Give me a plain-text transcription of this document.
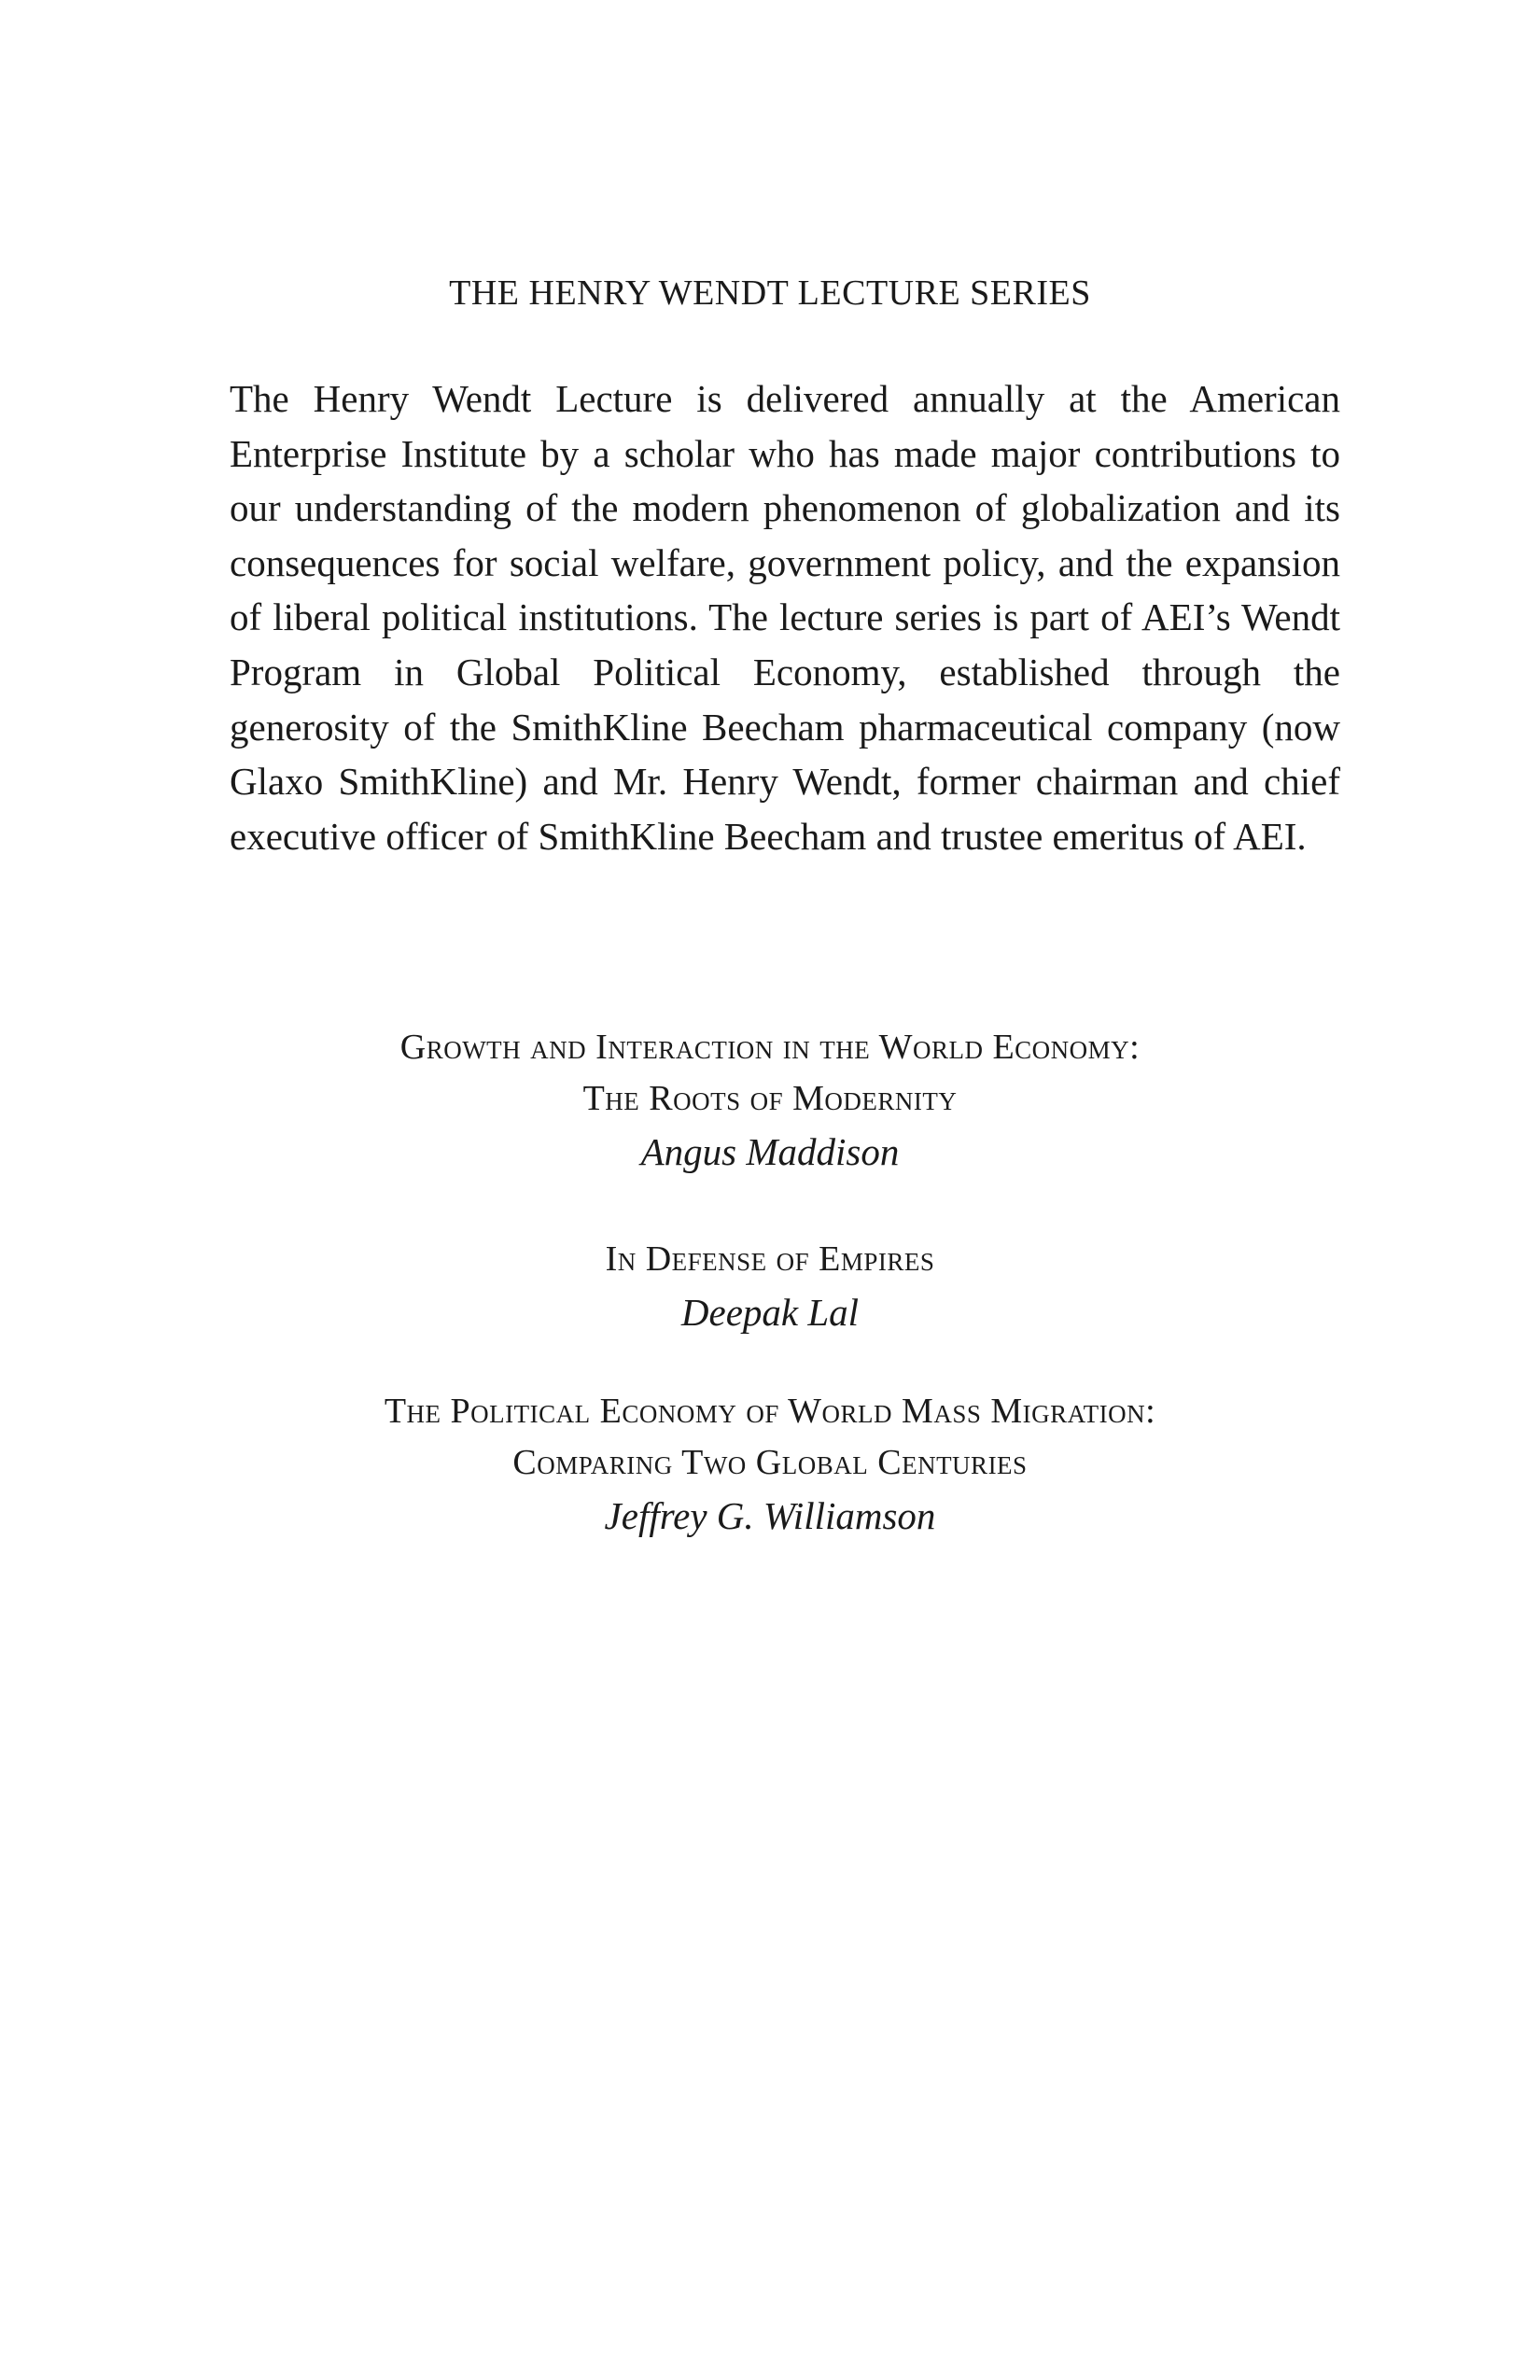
THE HENRY WENDT LECTURE SERIES

The Henry Wendt Lecture is delivered annually at the American Enterprise Institute by a scholar who has made major contributions to our understanding of the modern phenomenon of globalization and its consequences for social welfare, government policy, and the expansion of liberal political institutions. The lecture series is part of AEI’s Wendt Program in Global Political Economy, established through the generosity of the SmithKline Beecham pharmaceutical company (now Glaxo SmithKline) and Mr. Henry Wendt, former chairman and chief executive officer of SmithKline Beecham and trustee emeritus of AEI.

Growth and Interaction in the World Economy:
The Roots of Modernity
Angus Maddison
In Defense of Empires
Deepak Lal
The Political Economy of World Mass Migration:
Comparing Two Global Centuries
Jeffrey G. Williamson
